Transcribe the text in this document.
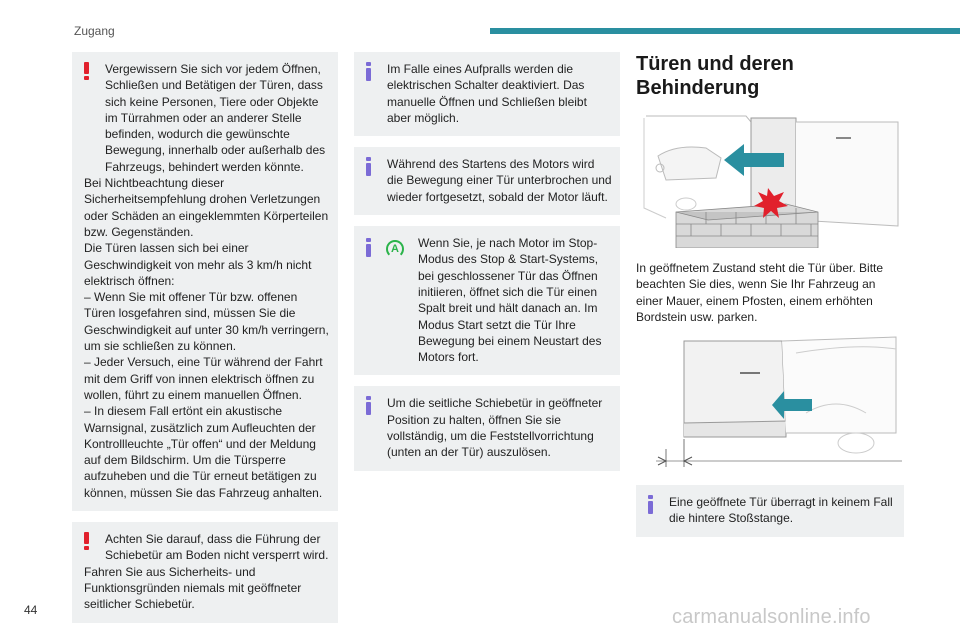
Zugang
Vergewissern Sie sich vor jedem Öffnen, Schließen und Betätigen der Türen, dass sich keine Personen, Tiere oder Objekte im Türrahmen oder an anderer Stelle befinden, wodurch die gewünschte Bewegung, innerhalb oder außerhalb des Fahrzeugs, behindert werden könnte.
Bei Nichtbeachtung dieser Sicherheitsempfehlung drohen Verletzungen oder Schäden an eingeklemmten Körperteilen bzw. Gegenständen.
Die Türen lassen sich bei einer Geschwindigkeit von mehr als 3 km/h nicht elektrisch öffnen:
– Wenn Sie mit offener Tür bzw. offenen Türen losgefahren sind, müssen Sie die Geschwindigkeit auf unter 30 km/h verringern, um sie schließen zu können.
– Jeder Versuch, eine Tür während der Fahrt mit dem Griff von innen elektrisch öffnen zu wollen, führt zu einem manuellen Öffnen.
– In diesem Fall ertönt ein akustische Warnsignal, zusätzlich zum Aufleuchten der Kontrollleuchte „Tür offen“ und der Meldung auf dem Bildschirm. Um die Türsperre aufzuheben und die Tür erneut betätigen zu können, müssen Sie das Fahrzeug anhalten.
Achten Sie darauf, dass die Führung der Schiebetür am Boden nicht versperrt wird.
Fahren Sie aus Sicherheits- und Funktionsgründen niemals mit geöffneter seitlicher Schiebetür.
Im Falle eines Aufpralls werden die elektrischen Schalter deaktiviert. Das manuelle Öffnen und Schließen bleibt aber möglich.
Während des Startens des Motors wird die Bewegung einer Tür unterbrochen und wieder fortgesetzt, sobald der Motor läuft.
A	Wenn Sie, je nach Motor im Stop-Modus des Stop & Start-Systems, bei geschlossener Tür das Öffnen initiieren, öffnet sich die Tür einen Spalt breit und hält danach an. Im Modus Start setzt die Tür Ihre Bewegung bei einem Neustart des Motors fort.
Um die seitliche Schiebetür in geöffneter Position zu halten, öffnen Sie sie vollständig, um die Feststellvorrichtung (unten an der Tür) auszulösen.
Türen und deren Behinderung

In geöffnetem Zustand steht die Tür über. Bitte beachten Sie dies, wenn Sie Ihr Fahrzeug an einer Mauer, einem Pfosten, einem erhöhten Bordstein usw. parken.

Eine geöffnete Tür überragt in keinem Fall die hintere Stoßstange.
44	carmanualsonline.info
